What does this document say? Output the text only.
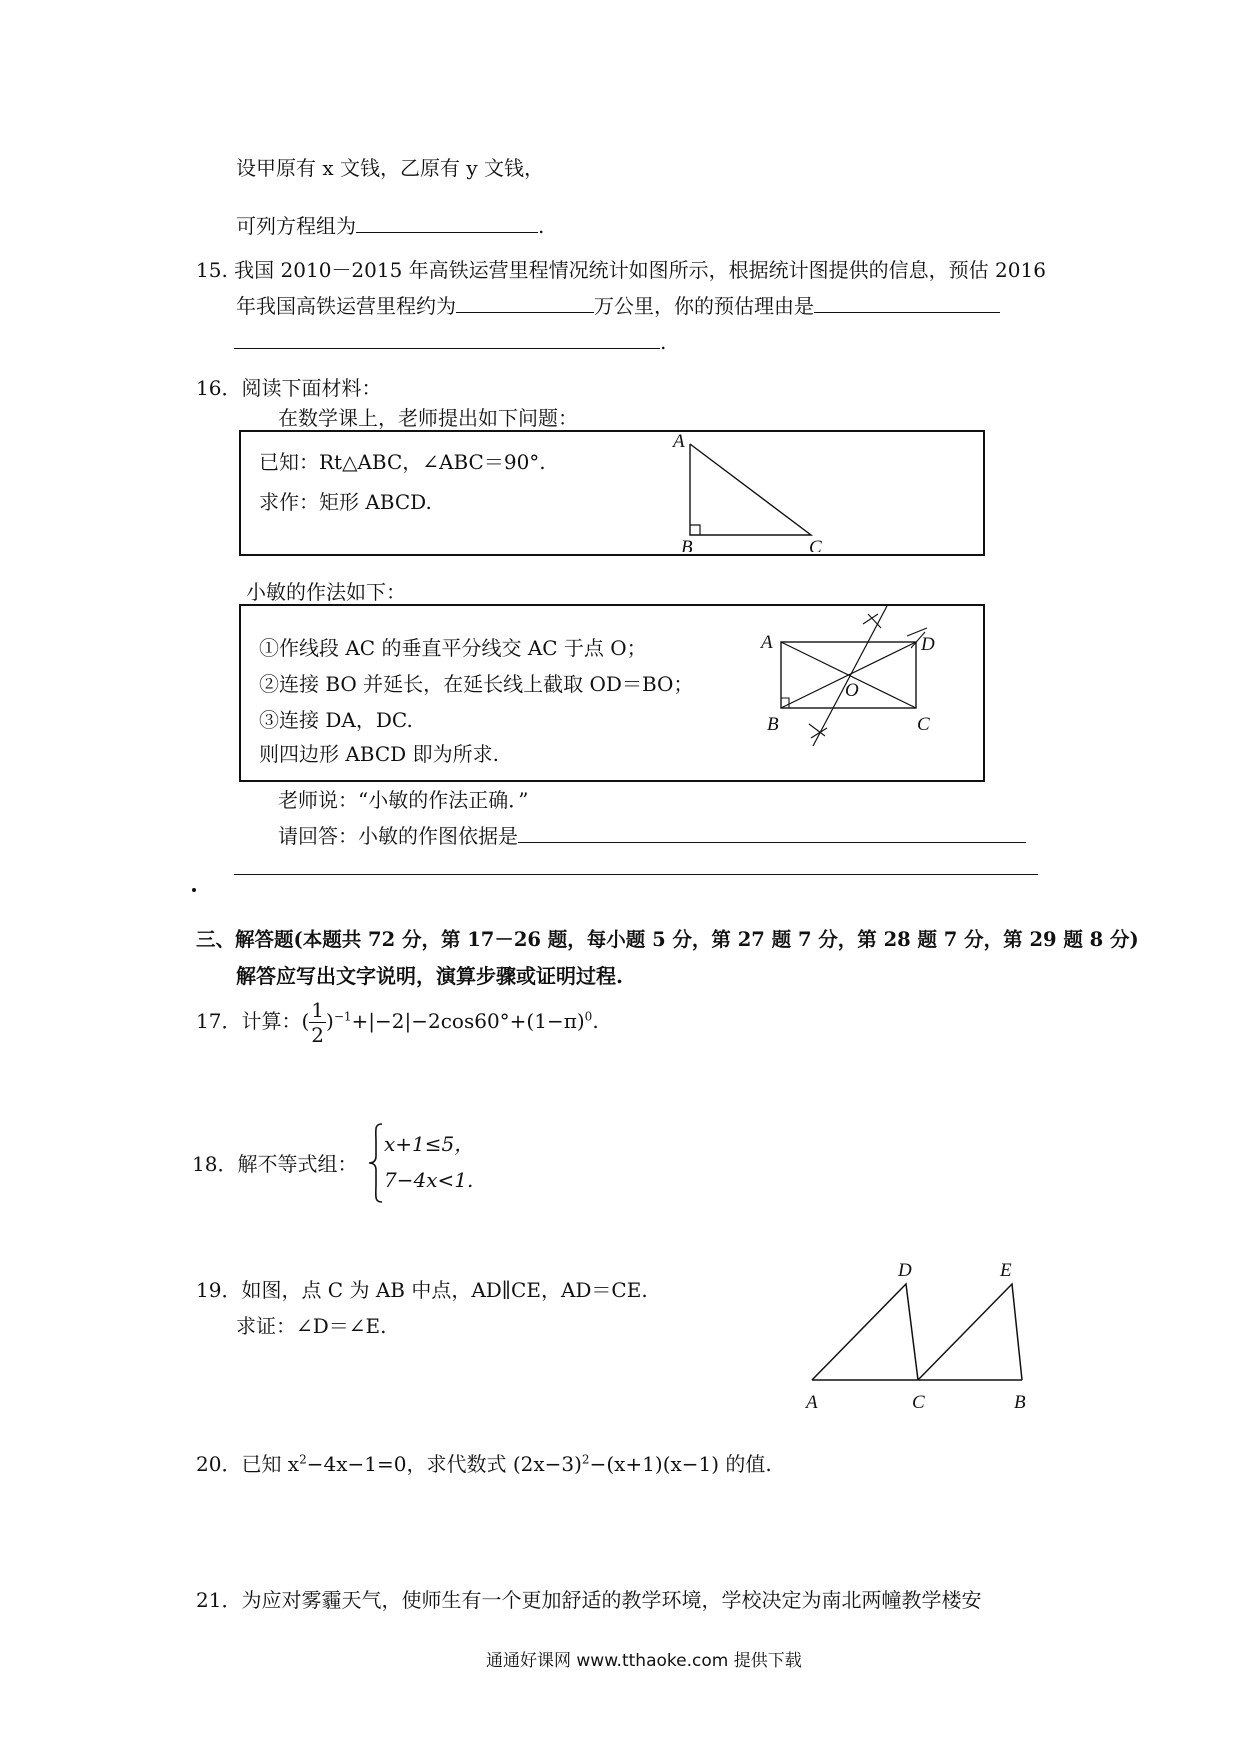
设甲原有 x 文钱，乙原有 y 文钱，
可列方程组为	.
15. 我国 2010－2015 年高铁运营里程情况统计如图所示，根据统计图提供的信息，预估 2016
年我国高铁运营里程约为	万公里，你的预估理由是
.
16．阅读下面材料：
在数学课上，老师提出如下问题：
已知：Rt△ABC，∠ABC＝90°.
求作：矩形 ABCD.
A
B	C
小敏的作法如下：
①作线段 AC 的垂直平分线交 AC 于点 O；
②连接 BO 并延长，在延长线上截取 OD＝BO；
③连接 DA，DC.
则四边形 ABCD 即为所求.
A	D
O
B	C
老师说：“小敏的作法正确．”
请回答：小敏的作图依据是
三、解答题(本题共 72 分，第 17－26 题，每小题 5 分，第 27 题 7 分，第 28 题 7 分，第 29 题 8 分)
解答应写出文字说明，演算步骤或证明过程.
17．计算：( $\frac{1}{2} )^{-1}+|-2|-2\cos 60^\circ+(1-\pi)^0$.
18．解不等式组：
x+1≤5，
7−4x<1.
19．如图，点 C 为 AB 中点，AD∥CE，AD＝CE.
求证：∠D＝∠E.
D	E
A	C	B
20．已知 $x^2-4x-1=0$，求代数式 $(2x-3)^2-(x+1)(x-1)$ 的值.
21．为应对雾霾天气，使师生有一个更加舒适的教学环境，学校决定为南北两幢教学楼安
通通好课网 www.tthaoke.com 提供下载
